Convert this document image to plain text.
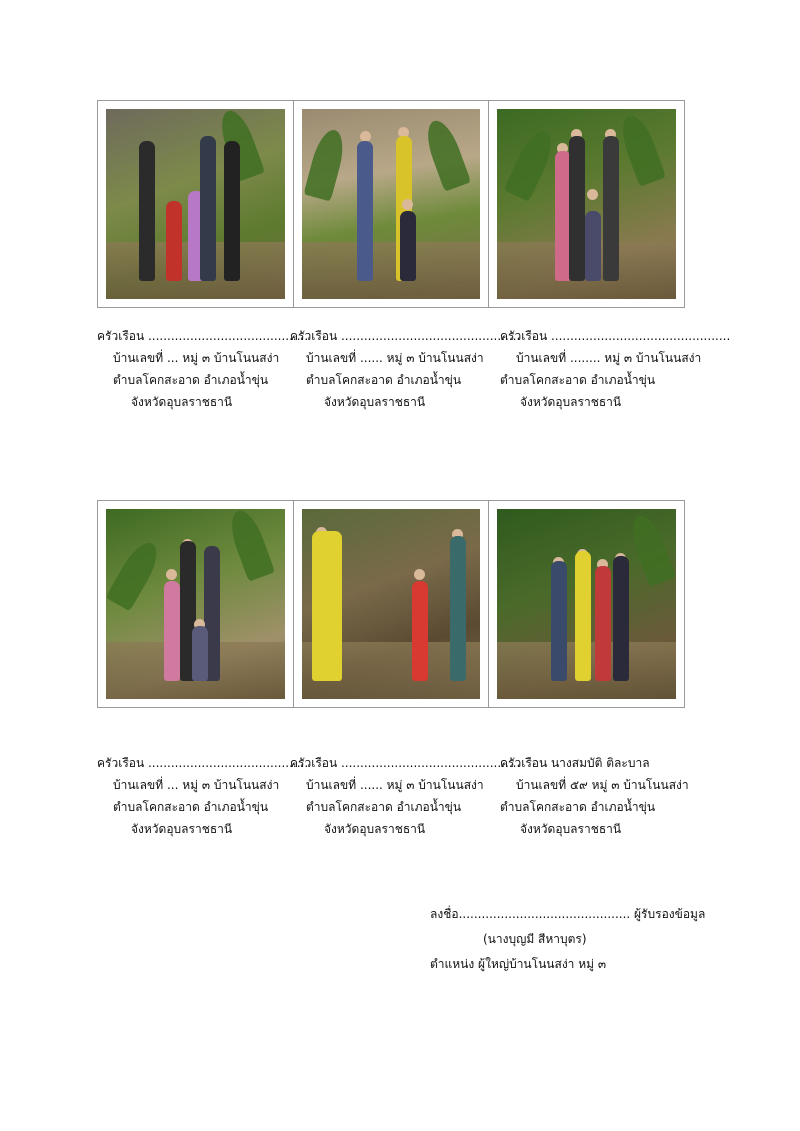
ครัวเรือน ..........................................
บ้านเลขที่ ... หมู่ ๓ บ้านโนนสง่า
ตำบลโคกสะอาด อำเภอน้ำขุ่น
จังหวัดอุบลราชธานี
ครัวเรือน ...............................................
บ้านเลขที่ ...... หมู่ ๓ บ้านโนนสง่า
ตำบลโคกสะอาด อำเภอน้ำขุ่น
จังหวัดอุบลราชธานี
ครัวเรือน ...............................................
บ้านเลขที่ ........ หมู่ ๓ บ้านโนนสง่า
ตำบลโคกสะอาด อำเภอน้ำขุ่น
จังหวัดอุบลราชธานี
ครัวเรือน ..........................................
บ้านเลขที่ ... หมู่ ๓ บ้านโนนสง่า
ตำบลโคกสะอาด อำเภอน้ำขุ่น
จังหวัดอุบลราชธานี
ครัวเรือน ...............................................
บ้านเลขที่ ...... หมู่ ๓ บ้านโนนสง่า
ตำบลโคกสะอาด อำเภอน้ำขุ่น
จังหวัดอุบลราชธานี
ครัวเรือน นางสมบัติ ติละบาล
บ้านเลขที่ ๕๙ หมู่ ๓ บ้านโนนสง่า
ตำบลโคกสะอาด อำเภอน้ำขุ่น
จังหวัดอุบลราชธานี
ลงชื่อ............................................. ผู้รับรองข้อมูล
(นางบุญมี สีหาบุตร)
ตำแหน่ง ผู้ใหญ่บ้านโนนสง่า หมู่ ๓
